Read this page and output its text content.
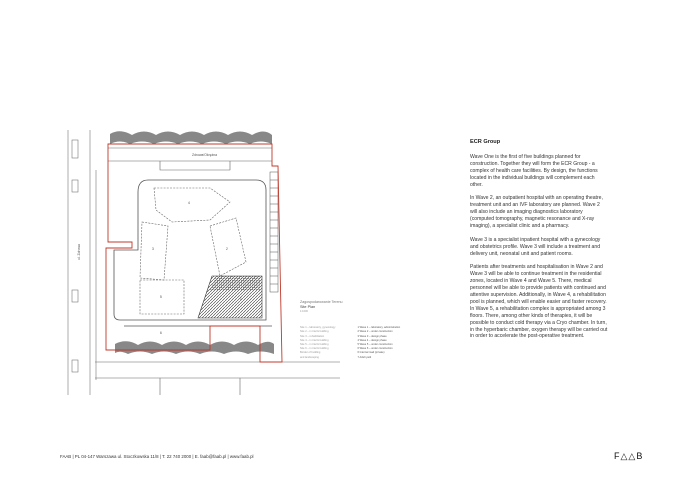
Zdrowa/Okrężna
ul. Zdrowa
1
2
3
4
5
6
Zagospodarowanie Terenu
Site Plan
1:1000
Site 1 – laboratory, gynecology
Site 2 – in trial & building
Site 3 – rehabilitation
Site 4 – in trial & building
Site 5 – in trial & building
Site 6 – in trial & building
Border of building
and landscaping
1 Wave 1 – laboratory, administration
2 Wave 2 – under construction
3 Wave 3 – design phase
4 Wave 4 – design phase
5 Wave 5 – under construction
6 Wave 6 – under construction
6 Internal road (private)
7 Adult yard
ECR Group

Wave One is the first of five buildings planned for construction. Together they will form the ECR Group - a complex of health care facilities. By design, the functions located in the individual buildings will complement each other.

In Wave 2, an outpatient hospital with an operating theatre, treatment unit and an IVF laboratory are planned. Wave 2 will also include an imaging diagnostics laboratory (computed tomography, magnetic resonance and X-ray imaging), a specialist clinic and a pharmacy.

Wave 3 is a specialist inpatient hospital with a gynecology and obstetrics profile. Wave 3 will include a treatment and delivery unit, neonatal unit and patient rooms.

Patients after treatments and hospitalisation in Wave 2 and Wave 3 will be able to continue treatment in the residential zones, located in Wave 4 and Wave 5. There, medical personnel will be able to provide patients with continued and attentive supervision. Additionally, in Wave 4, a rehabilitation pool is planned, which will enable easier and faster recovery. In Wave 5, a rehabilitation complex is appropriated among 3 floors. There, among other kinds of therapies, it will be possible to conduct cold therapy via a Cryo chamber. In turn, in the hyperbaric chamber, oxygen therapy will be carried out in order to accelerate the post-operative treatment.

FAAB | PL 04-147 Warszawa ul. Stoczkowska 11/8 | T. 22 740 2000 | E. faab@faab.pl | www.faab.pl	F△△B
